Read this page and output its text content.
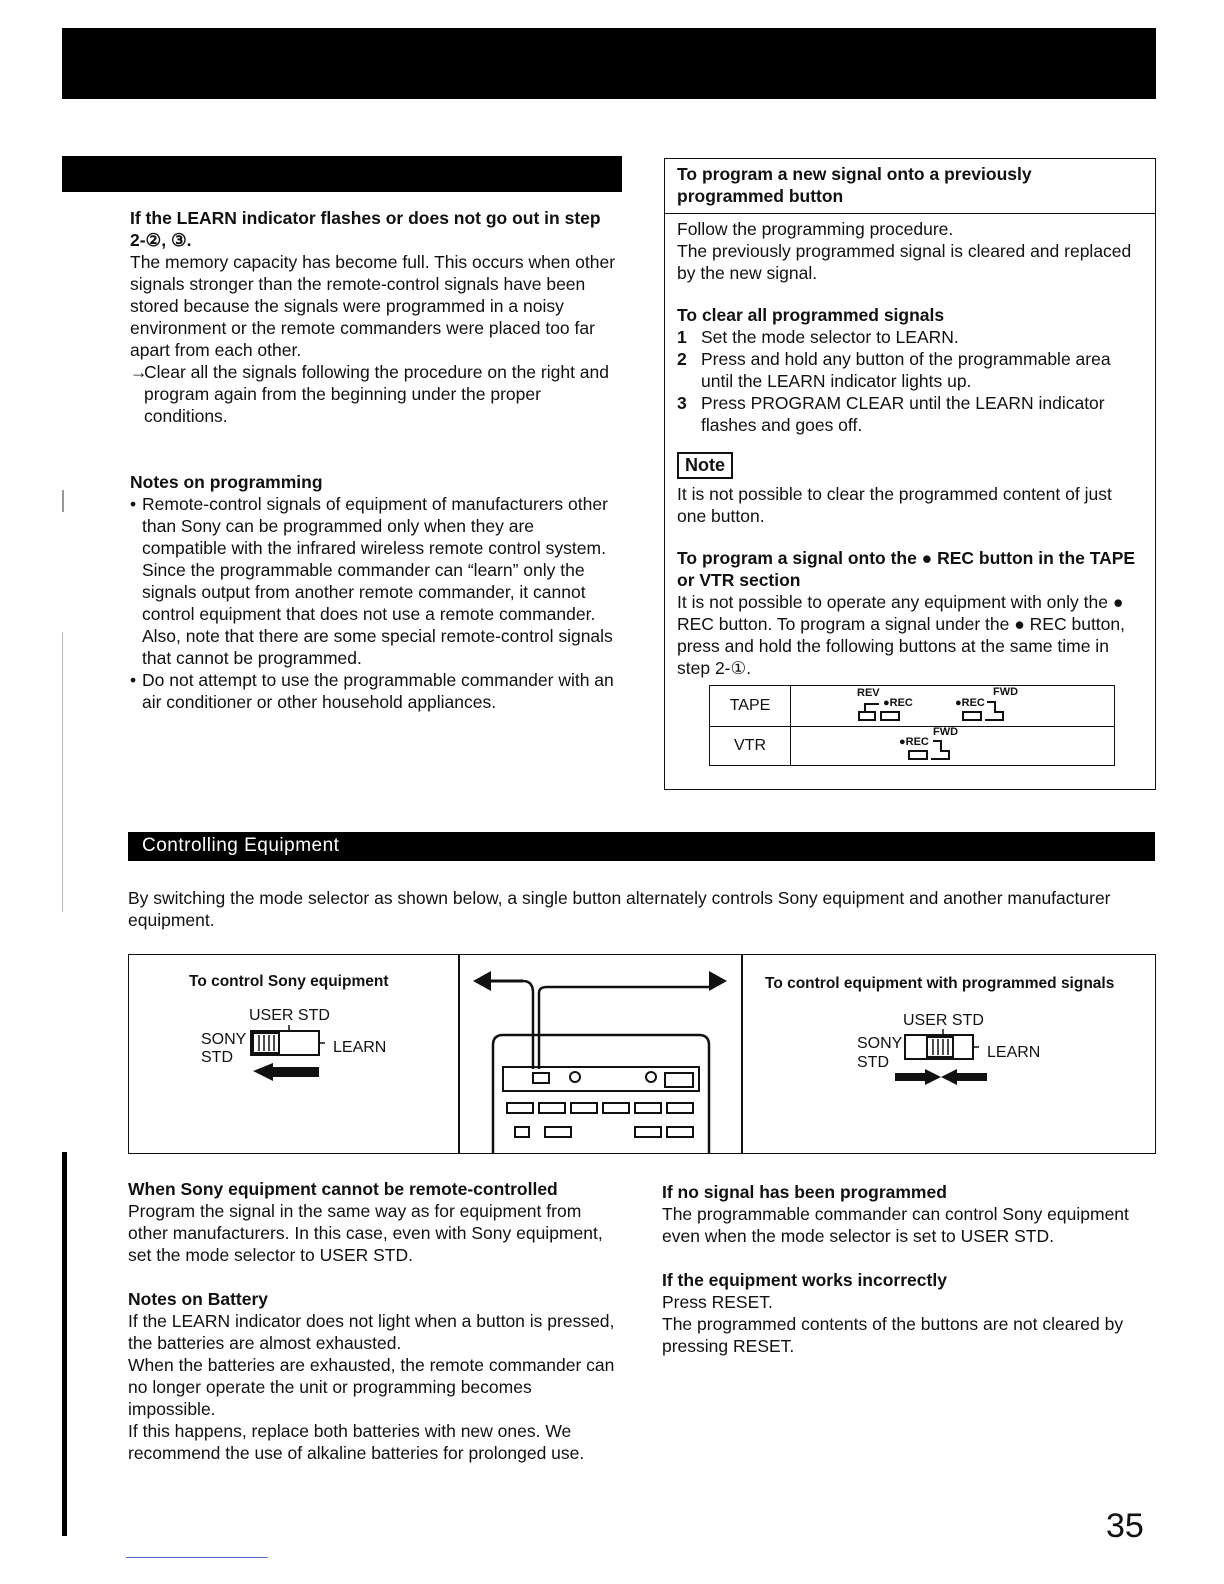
If the LEARN indicator flashes or does not go out in step

2-②, ③.

The memory capacity has become full. This occurs when other signals stronger than the remote-control signals have been stored because the signals were programmed in a noisy environment or the remote commanders were placed too far apart from each other.

→

Clear all the signals following the procedure on the right and program again from the beginning under the proper conditions.

Notes on programming

• Remote-control signals of equipment of manufacturers other than Sony can be programmed only when they are compatible with the infrared wireless remote control system. Since the programmable commander can “learn” only the signals output from another remote commander, it cannot control equipment that does not use a remote commander. Also, note that there are some special remote-control signals that cannot be programmed.

• Do not attempt to use the programmable commander with an air conditioner or other household appliances.

To program a new signal onto a previously programmed button

Follow the programming procedure.

The previously programmed signal is cleared and replaced by the new signal.

To clear all programmed signals

1 Set the mode selector to LEARN.

2 Press and hold any button of the programmable area until the LEARN indicator lights up.

3 Press PROGRAM CLEAR until the LEARN indicator flashes and goes off.

Note

It is not possible to clear the programmed content of just one button.

To program a signal onto the ● REC button in the TAPE or VTR section

It is not possible to operate any equipment with only the ● REC button. To program a signal under the ● REC button, press and hold the following buttons at the same time in step 2-①.

TAPE
REV
●REC	●REC
FWD
VTR	●REC
FWD
Controlling Equipment

By switching the mode selector as shown below, a single button alternately controls Sony equipment and another manufacturer equipment.

To control Sony equipment
USER STD
SONY
STD
LEARN
To control equipment with programmed signals
USER STD
SONY
STD
LEARN

When Sony equipment cannot be remote-controlled

Program the signal in the same way as for equipment from other manufacturers. In this case, even with Sony equipment, set the mode selector to USER STD.

Notes on Battery

If the LEARN indicator does not light when a button is pressed, the batteries are almost exhausted.

When the batteries are exhausted, the remote commander can no longer operate the unit or programming becomes impossible.

If this happens, replace both batteries with new ones. We recommend the use of alkaline batteries for prolonged use.

If no signal has been programmed

The programmable commander can control Sony equipment even when the mode selector is set to USER STD.

If the equipment works incorrectly

Press RESET.

The programmed contents of the buttons are not cleared by pressing RESET.

35
